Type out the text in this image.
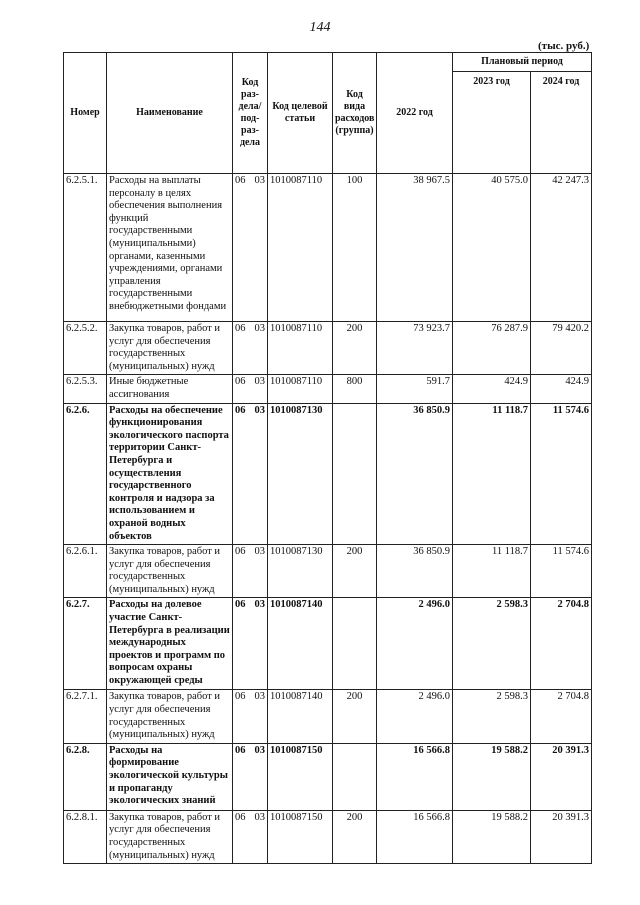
144
(тыс. руб.)
Номер	Наименование	Код раз-дела/ под-раз-дела	Код целевой статьи	Код вида расходов (группа)	2022 год	Плановый период	
						2023 год	2024 год
6.2.5.1.	Расходы на выплаты персоналу в целях обеспечения выполнения функций государственными (муниципальными) органами, казенными учреждениями, органами управления государственными внебюджетными фондами	06 03	1010087110	100	38 967.5	40 575.0	42 247.3
6.2.5.2.	Закупка товаров, работ и услуг для обеспечения государственных (муниципальных) нужд	06 03	1010087110	200	73 923.7	76 287.9	79 420.2
6.2.5.3.	Иные бюджетные ассигнования	06 03	1010087110	800	591.7	424.9	424.9
6.2.6.	Расходы на обеспечение функционирования экологического паспорта территории Санкт-Петербурга и осуществления государственного контроля и надзора за использованием и охраной водных объектов	06 03	1010087130		36 850.9	11 118.7	11 574.6
6.2.6.1.	Закупка товаров, работ и услуг для обеспечения государственных (муниципальных) нужд	06 03	1010087130	200	36 850.9	11 118.7	11 574.6
6.2.7.	Расходы на долевое участие Санкт-Петербурга в реализации международных проектов и программ по вопросам охраны окружающей среды	06 03	1010087140		2 496.0	2 598.3	2 704.8
6.2.7.1.	Закупка товаров, работ и услуг для обеспечения государственных (муниципальных) нужд	06 03	1010087140	200	2 496.0	2 598.3	2 704.8
6.2.8.	Расходы на формирование экологической культуры и пропаганду экологических знаний	06 03	1010087150		16 566.8	19 588.2	20 391.3
6.2.8.1.	Закупка товаров, работ и услуг для обеспечения государственных (муниципальных) нужд	06 03	1010087150	200	16 566.8	19 588.2	20 391.3
